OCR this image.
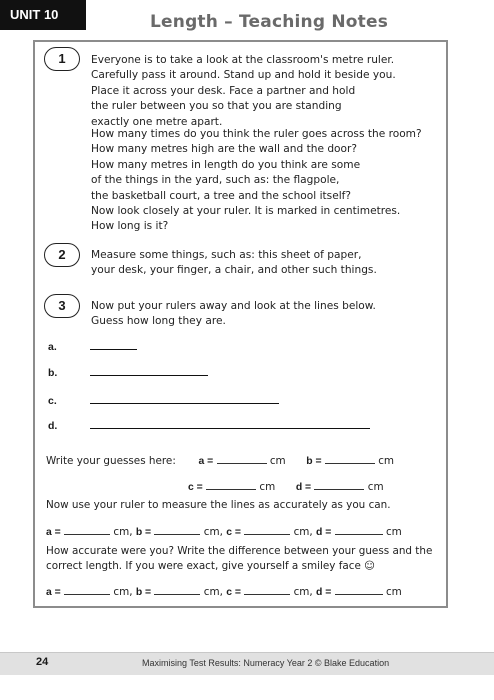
UNIT 10	Length – Teaching Notes
1	Everyone is to take a look at the classroom's metre ruler.
Carefully pass it around. Stand up and hold it beside you.
Place it across your desk. Face a partner and hold
the ruler between you so that you are standing
exactly one metre apart.
How many times do you think the ruler goes across the room?
How many metres high are the wall and the door?
How many metres in length do you think are some
of the things in the yard, such as: the flagpole,
the basketball court, a tree and the school itself?
Now look closely at your ruler. It is marked in centimetres.
How long is it?
2	Measure some things, such as: this sheet of paper,
your desk, your finger, a chair, and other such things.
3	Now put your rulers away and look at the lines below.
Guess how long they are.
a.
b.
c.
d.
Write your guesses here: a =	cm b =	cm
c =	cm d =	cm
Now use your ruler to measure the lines as accurately as you can.
a =	cm, b =	cm, c =	cm, d =	cm
How accurate were you? Write the difference between your guess and the
correct length. If you were exact, give yourself a smiley face ☺
a =	cm, b =	cm, c =	cm, d =	cm
24	Maximising Test Results: Numeracy Year 2 © Blake Education
